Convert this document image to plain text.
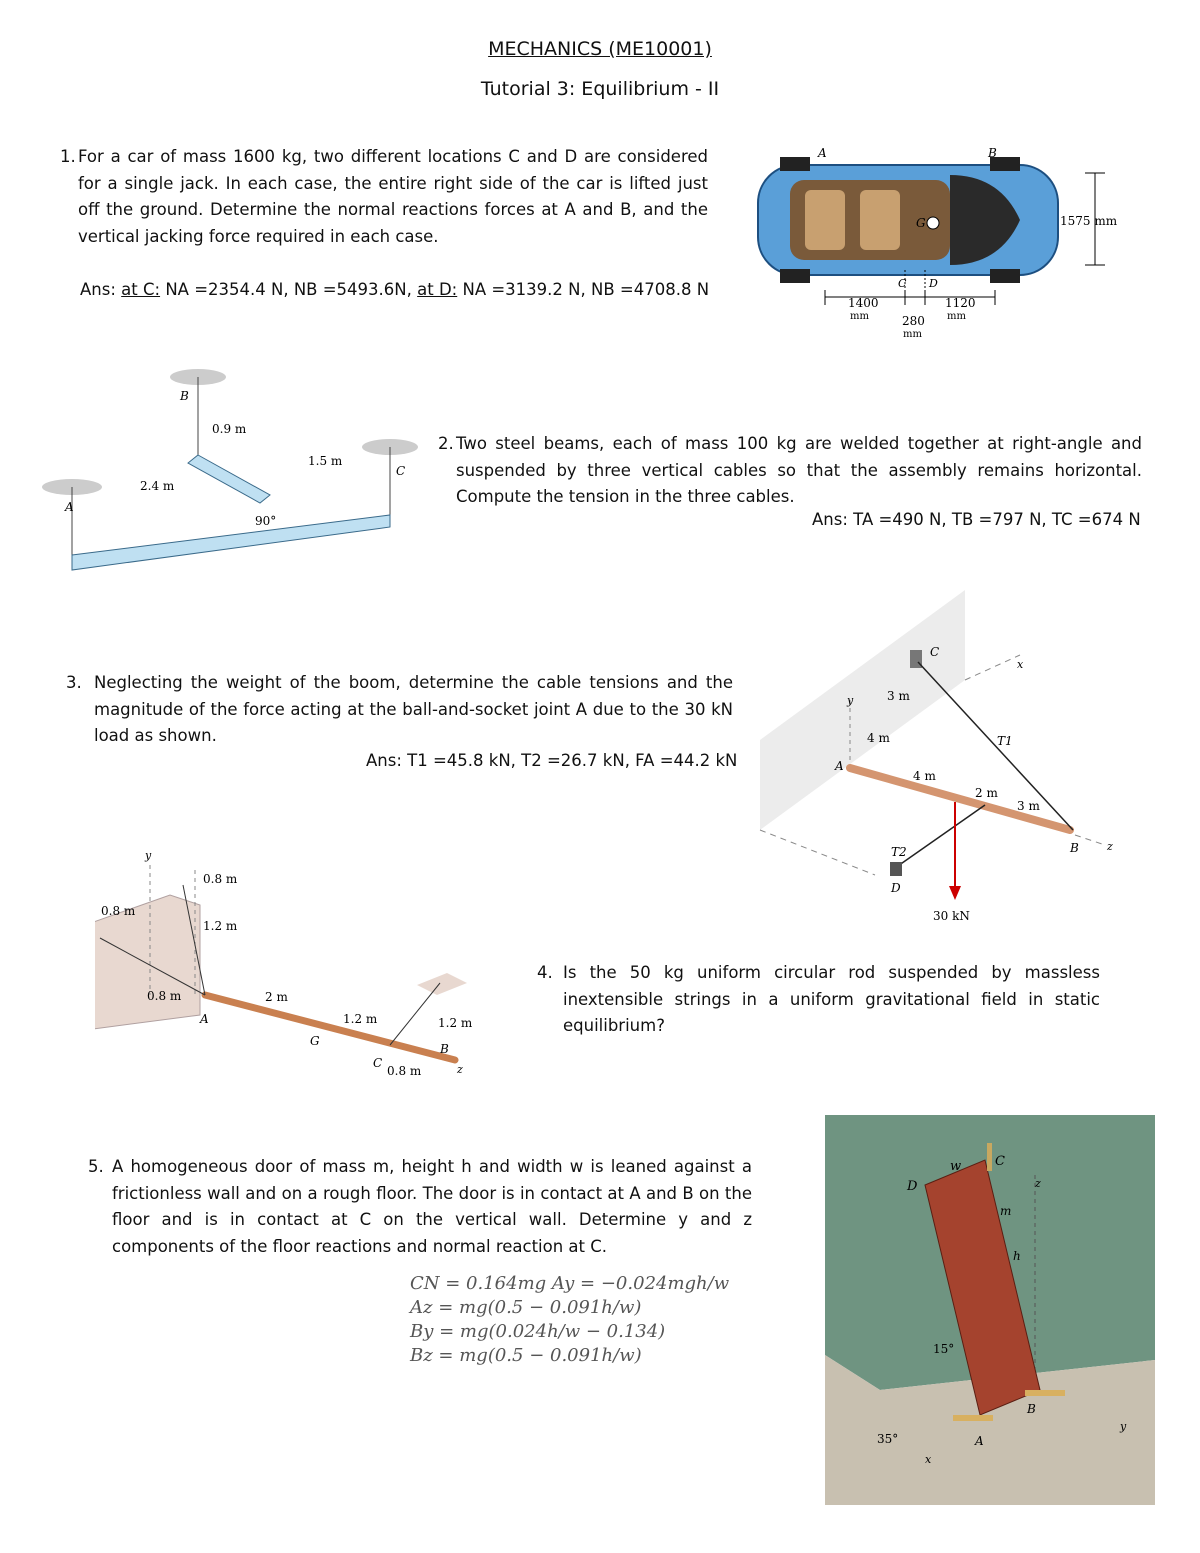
MECHANICS (ME10001)
Tutorial 3: Equilibrium - II
1. For a car of mass 1600 kg, two different locations C and D are considered for a single jack. In each case, the entire right side of the car is lifted just off the ground. Determine the normal reactions forces at A and B, and the vertical jacking force required in each case.
Ans: at C: NA =2354.4 N, NB =5493.6N, at D: NA =3139.2 N, NB =4708.8 N
A	B
G	1575 mm
C D
1400
mm	280
mm
1120
mm
A
B
C
0.9 m
1.5 m
2.4 m
90°
2. Two steel beams, each of mass 100 kg are welded together at right-angle and suspended by three vertical cables so that the assembly remains horizontal. Compute the tension in the three cables.
Ans: TA =490 N, TB =797 N, TC =674 N
3. Neglecting the weight of the boom, determine the cable tensions and the magnitude of the force acting at the ball-and-socket joint A due to the 30 kN load as shown.
Ans: T1 =45.8 kN, T2 =26.7 kN, FA =44.2 kN
C
A
B
D
x
y
z
T1
T2
3 m
4 m
4 m
2 m
3 m
30 kN
y
z
A
B
C
G
0.8 m
0.8 m
1.2 m
0.8 m	2 m
1.2 m	1.2 m
0.8 m
4. Is the 50 kg uniform circular rod suspended by massless inextensible strings in a uniform gravitational field in static equilibrium?
5. A homogeneous door of mass m, height h and width w is leaned against a frictionless wall and on a rough floor. The door is in contact at A and B on the floor and is in contact at C on the vertical wall. Determine y and z components of the floor reactions and normal reaction at C.
CN = 0.164mg Ay = −0.024mgh/w
Az = mg(0.5 − 0.091h/w)
By = mg(0.024h/w − 0.134)
Bz = mg(0.5 − 0.091h/w)
w	C
D
m
h
z
15°
35°
B
A
x
y
